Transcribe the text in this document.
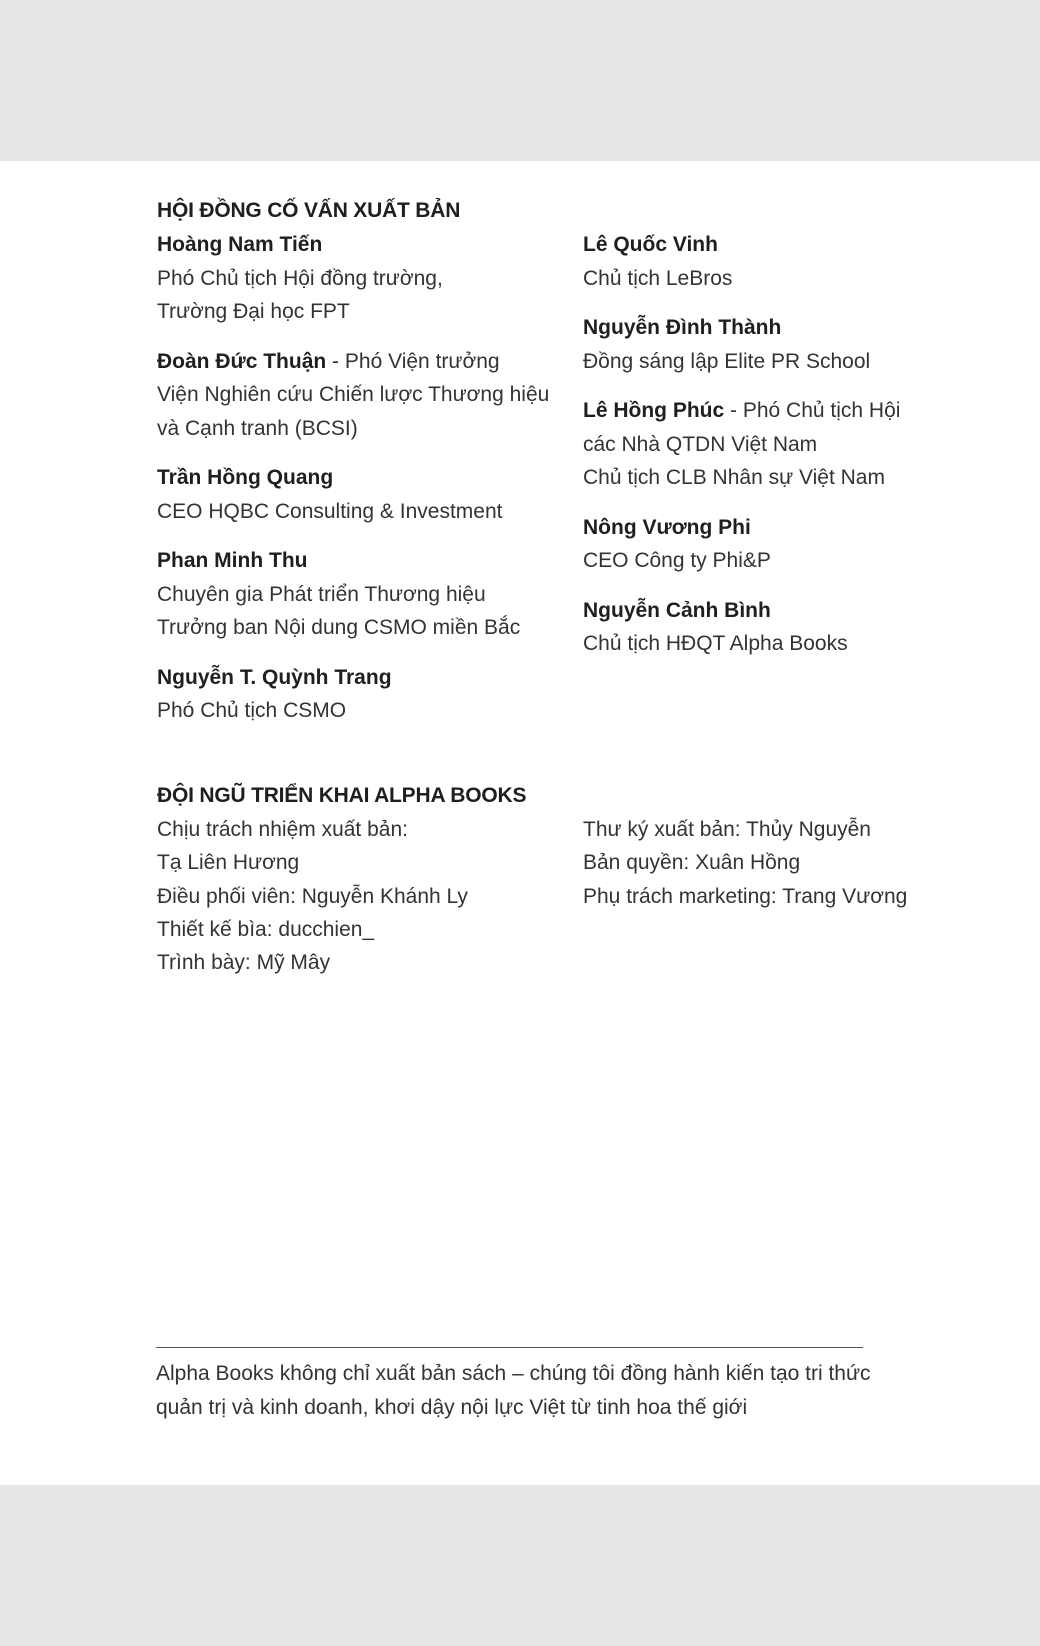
HỘI ĐỒNG CỐ VẤN XUẤT BẢN
Hoàng Nam Tiến
Phó Chủ tịch Hội đồng trường,
Trường Đại học FPT
Đoàn Đức Thuận - Phó Viện trưởng
Viện Nghiên cứu Chiến lược Thương hiệu
và Cạnh tranh (BCSI)
Trần Hồng Quang
CEO HQBC Consulting & Investment
Phan Minh Thu
Chuyên gia Phát triển Thương hiệu
Trưởng ban Nội dung CSMO miền Bắc
Nguyễn T. Quỳnh Trang
Phó Chủ tịch CSMO
Lê Quốc Vinh
Chủ tịch LeBros
Nguyễn Đình Thành
Đồng sáng lập Elite PR School
Lê Hồng Phúc - Phó Chủ tịch Hội
các Nhà QTDN Việt Nam
Chủ tịch CLB Nhân sự Việt Nam
Nông Vương Phi
CEO Công ty Phi&P
Nguyễn Cảnh Bình
Chủ tịch HĐQT Alpha Books
ĐỘI NGŨ TRIỂN KHAI ALPHA BOOKS
Chịu trách nhiệm xuất bản:
Tạ Liên Hương
Điều phối viên: Nguyễn Khánh Ly
Thiết kế bìa: ducchien_
Trình bày: Mỹ Mây
Thư ký xuất bản: Thủy Nguyễn
Bản quyền: Xuân Hồng
Phụ trách marketing: Trang Vương
Alpha Books không chỉ xuất bản sách – chúng tôi đồng hành kiến tạo tri thức
quản trị và kinh doanh, khơi dậy nội lực Việt từ tinh hoa thế giới
